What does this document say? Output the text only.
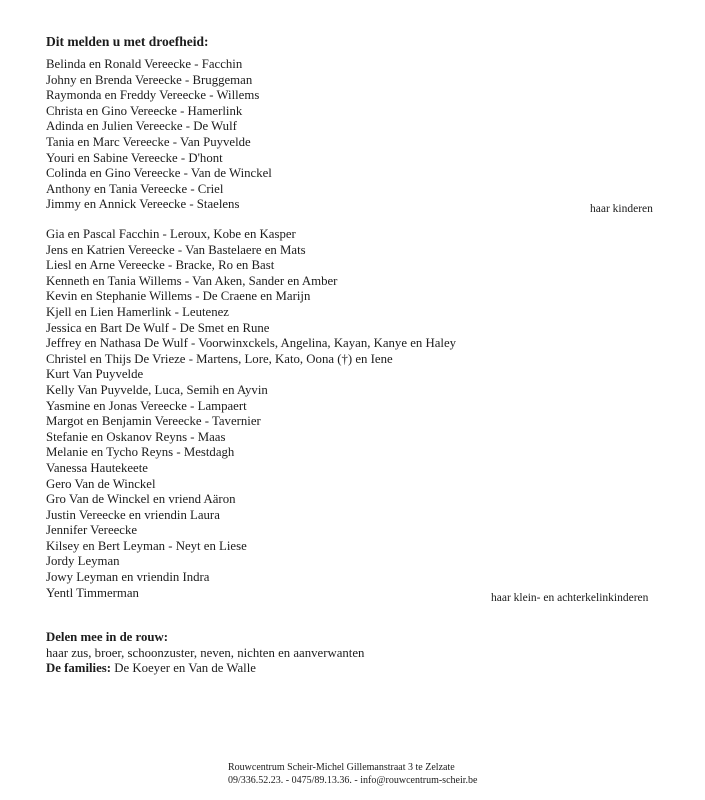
Dit melden u met droefheid:
Belinda en Ronald Vereecke - Facchin
Johny en Brenda Vereecke - Bruggeman
Raymonda en Freddy Vereecke - Willems
Christa en Gino Vereecke - Hamerlink
Adinda en Julien Vereecke - De Wulf
Tania en Marc Vereecke - Van Puyvelde
Youri en Sabine Vereecke - D'hont
Colinda en Gino Vereecke - Van de Winckel
Anthony en Tania Vereecke - Criel
Jimmy en Annick Vereecke - Staelens	haar kinderen
Gia en Pascal Facchin - Leroux, Kobe en Kasper
Jens en Katrien Vereecke - Van Bastelaere en Mats
Liesl en Arne Vereecke - Bracke, Ro en Bast
Kenneth en Tania Willems - Van Aken, Sander en Amber
Kevin en Stephanie Willems - De Craene en Marijn
Kjell en Lien Hamerlink - Leutenez
Jessica en Bart De Wulf - De Smet en Rune
Jeffrey en Nathasa De Wulf - Voorwinxckels, Angelina, Kayan, Kanye en Haley
Christel en Thijs De Vrieze - Martens, Lore, Kato, Oona (†) en Iene
Kurt Van Puyvelde
Kelly Van Puyvelde, Luca, Semih en Ayvin
Yasmine en Jonas Vereecke - Lampaert
Margot en Benjamin Vereecke - Tavernier
Stefanie en Oskanov Reyns - Maas
Melanie en Tycho Reyns - Mestdagh
Vanessa Hautekeete
Gero Van de Winckel
Gro Van de Winckel en vriend Aäron
Justin Vereecke en vriendin Laura
Jennifer Vereecke
Kilsey en Bert Leyman - Neyt en Liese
Jordy Leyman
Jowy Leyman en vriendin Indra
Yentl Timmerman	haar klein- en achterkelinkinderen
Delen mee in de rouw:
haar zus, broer, schoonzuster, neven, nichten en aanverwanten
De families: De Koeyer en Van de Walle
Rouwcentrum Scheir-Michel Gillemanstraat 3 te Zelzate
09/336.52.23. - 0475/89.13.36. - info@rouwcentrum-scheir.be
